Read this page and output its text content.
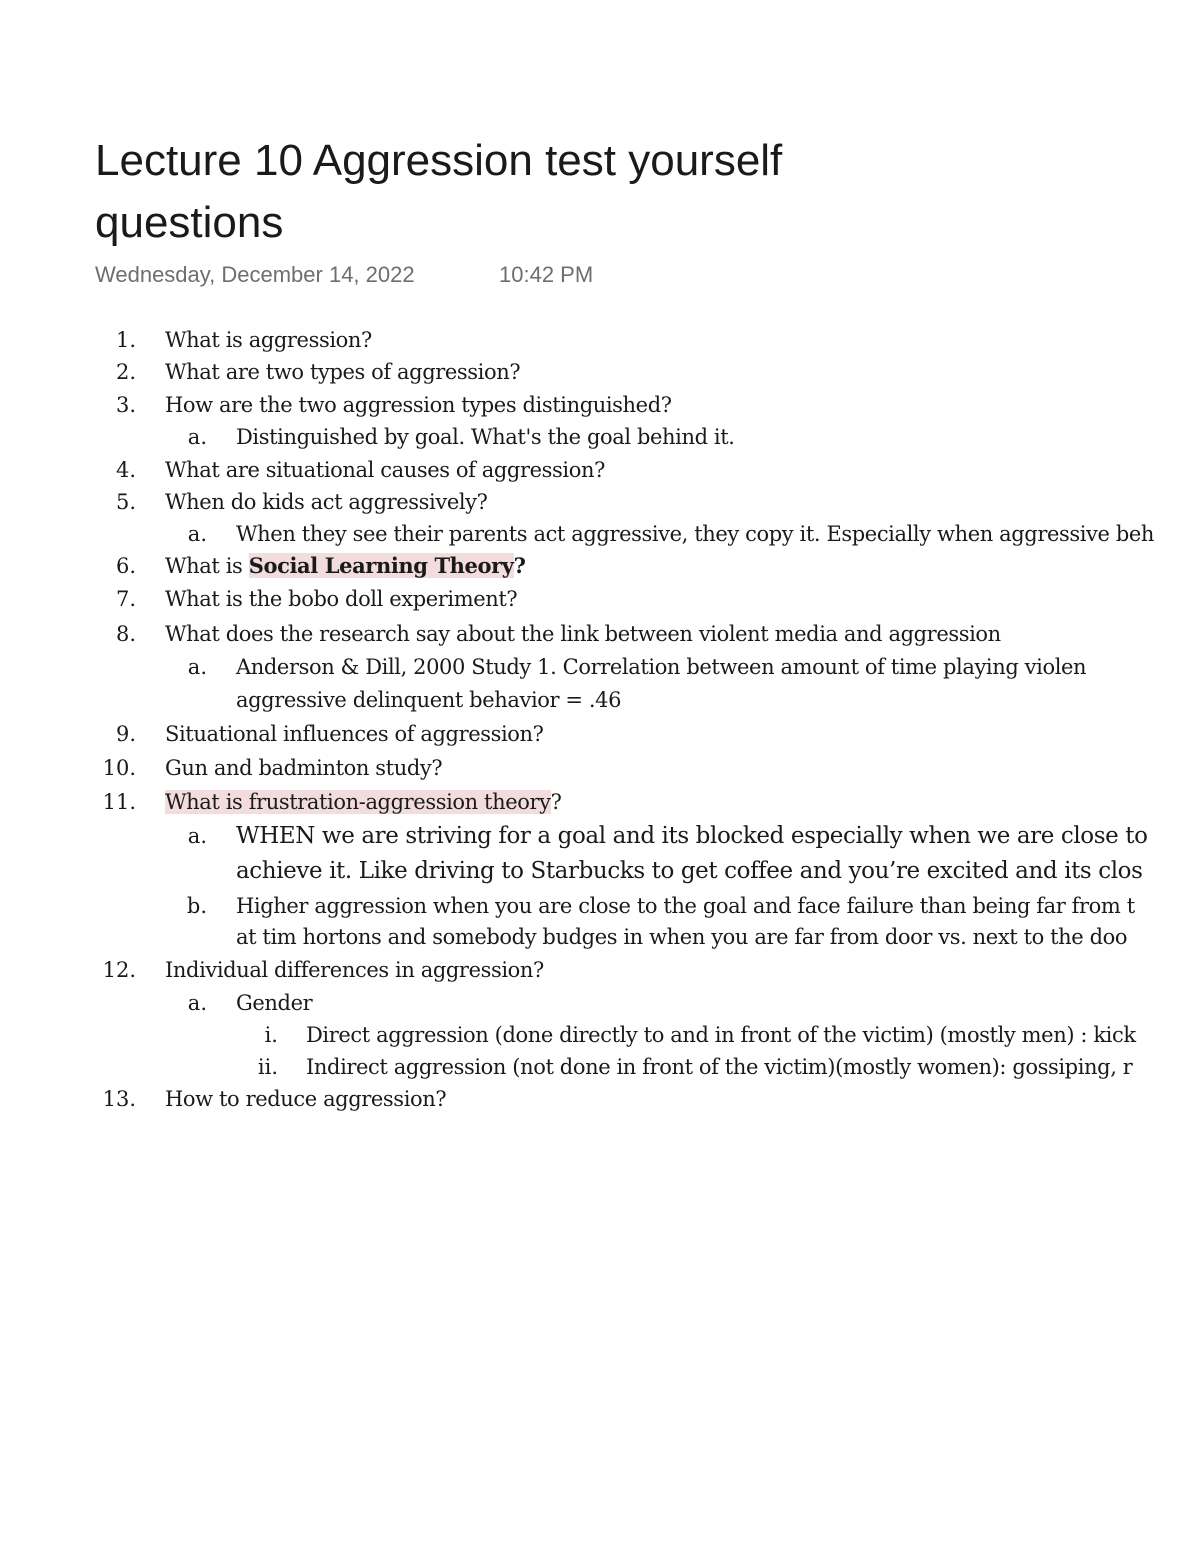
Lecture 10 Aggression test yourself questions
Wednesday, December 14, 2022	10:42 PM
1. What is aggression?
2. What are two types of aggression?
3. How are the two aggression types distinguished?
a. Distinguished by goal. What's the goal behind it.
4. What are situational causes of aggression?
5. When do kids act aggressively?
a. When they see their parents act aggressive, they copy it. Especially when aggressive beh
6. What is Social Learning Theory?
7. What is the bobo doll experiment?
8. What does the research say about the link between violent media and aggression
a. Anderson & Dill, 2000 Study 1. Correlation between amount of time playing violen
aggressive delinquent behavior = .46
9. Situational influences of aggression?
10. Gun and badminton study?
11. What is frustration-aggression theory?
a. WHEN we are striving for a goal and its blocked especially when we are close to
achieve it. Like driving to Starbucks to get coffee and you’re excited and its clos
b. Higher aggression when you are close to the goal and face failure than being far from t
at tim hortons and somebody budges in when you are far from door vs. next to the doo
12. Individual differences in aggression?
a. Gender
i. Direct aggression (done directly to and in front of the victim) (mostly men) : kick
ii. Indirect aggression (not done in front of the victim)(mostly women): gossiping, r
13. How to reduce aggression?
